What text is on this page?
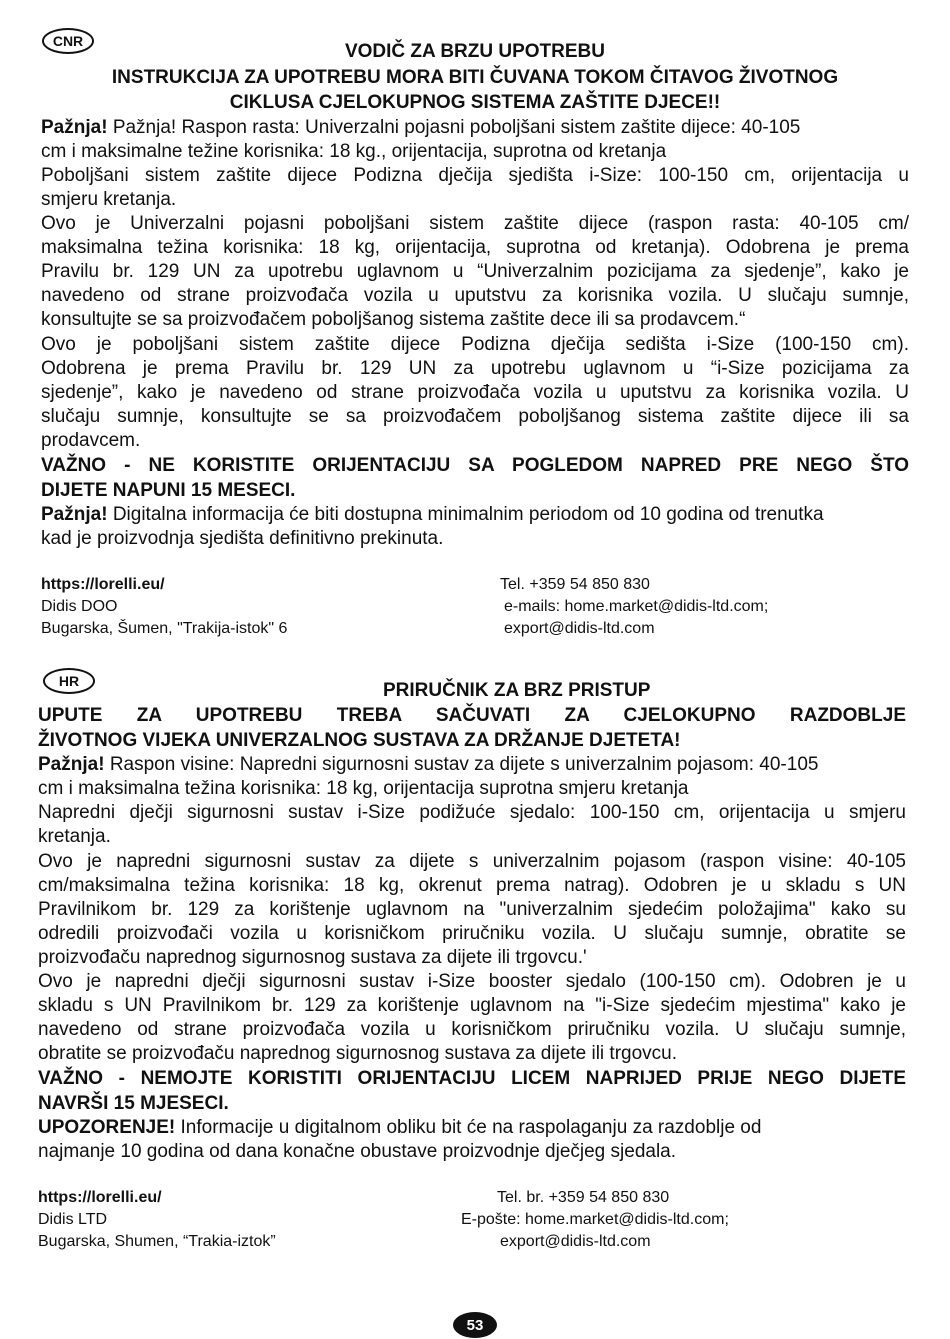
CNR	VODIČ ZA BRZU UPOTREBU
INSTRUKCIJA ZA UPOTREBU MORA BITI ČUVANA TOKOM ČITAVOG ŽIVOTNOG
CIKLUSA CJELOKUPNOG SISTEMA ZAŠTITE DJECE!!
Pažnja! Pažnja! Raspon rasta: Univerzalni pojasni poboljšani sistem zaštite dijece: 40-105
cm i maksimalne težine korisnika: 18 kg., orijentacija, suprotna od kretanja
Poboljšani sistem zaštite dijece Podizna dječija sjedišta i-Size: 100-150 cm, orijentacija u
smjeru kretanja.
Ovo je Univerzalni pojasni poboljšani sistem zaštite dijece (raspon rasta: 40-105 cm/
maksimalna težina korisnika: 18 kg, orijentacija, suprotna od kretanja). Odobrena je prema
Pravilu br. 129 UN za upotrebu uglavnom u “Univerzalnim pozicijama za sjedenje”, kako je
navedeno od strane proizvođača vozila u uputstvu za korisnika vozila. U slučaju sumnje,
konsultujte se sa proizvođačem poboljšanog sistema zaštite dece ili sa prodavcem.“
Ovo je poboljšani sistem zaštite dijece Podizna dječija sedišta i-Size (100-150 cm).
Odobrena je prema Pravilu br. 129 UN za upotrebu uglavnom u “i-Size pozicijama za
sjedenje”, kako je navedeno od strane proizvođača vozila u uputstvu za korisnika vozila. U
slučaju sumnje, konsultujte se sa proizvođačem poboljšanog sistema zaštite dijece ili sa
prodavcem.
VAŽNO - NE KORISTITE ORIJENTACIJU SA POGLEDOM NAPRED PRE NEGO ŠTO
DIJETE NAPUNI 15 MESECI.
Pažnja! Digitalna informacija će biti dostupna minimalnim periodom od 10 godina od trenutka
kad je proizvodnja sjedišta definitivno prekinuta.
https://lorelli.eu/
Didis DOO
Bugarska, Šumen, "Trakija-istok" 6
Tel. +359 54 850 830
e-mails: home.market@didis-ltd.com;
export@didis-ltd.com
HR	PRIRUČNIK ZA BRZ PRISTUP
UPUTE ZA UPOTREBU TREBA SAČUVATI ZA CJELOKUPNO RAZDOBLJE
ŽIVOTNOG VIJEKA UNIVERZALNOG SUSTAVA ZA DRŽANJE DJETETA!
Pažnja! Raspon visine: Napredni sigurnosni sustav za dijete s univerzalnim pojasom: 40-105
cm i maksimalna težina korisnika: 18 kg, orijentacija suprotna smjeru kretanja
Napredni dječji sigurnosni sustav i-Size podižuće sjedalo: 100-150 cm, orijentacija u smjeru
kretanja.
Ovo je napredni sigurnosni sustav za dijete s univerzalnim pojasom (raspon visine: 40-105
cm/maksimalna težina korisnika: 18 kg, okrenut prema natrag). Odobren je u skladu s UN
Pravilnikom br. 129 za korištenje uglavnom na "univerzalnim sjedećim položajima" kako su
odredili proizvođači vozila u korisničkom priručniku vozila. U slučaju sumnje, obratite se
proizvođaču naprednog sigurnosnog sustava za dijete ili trgovcu.'
Ovo je napredni dječji sigurnosni sustav i-Size booster sjedalo (100-150 cm). Odobren je u
skladu s UN Pravilnikom br. 129 za korištenje uglavnom na "i-Size sjedećim mjestima" kako je
navedeno od strane proizvođača vozila u korisničkom priručniku vozila. U slučaju sumnje,
obratite se proizvođaču naprednog sigurnosnog sustava za dijete ili trgovcu.
VAŽNO - NEMOJTE KORISTITI ORIJENTACIJU LICEM NAPRIJED PRIJE NEGO DIJETE
NAVRŠI 15 MJESECI.
UPOZORENJE! Informacije u digitalnom obliku bit će na raspolaganju za razdoblje od
najmanje 10 godina od dana konačne obustave proizvodnje dječjeg sjedala.
https://lorelli.eu/
Didis LTD
Bugarska, Shumen, “Trakia-iztok”
Tel. br. +359 54 850 830
E-pošte: home.market@didis-ltd.com;
export@didis-ltd.com
53
